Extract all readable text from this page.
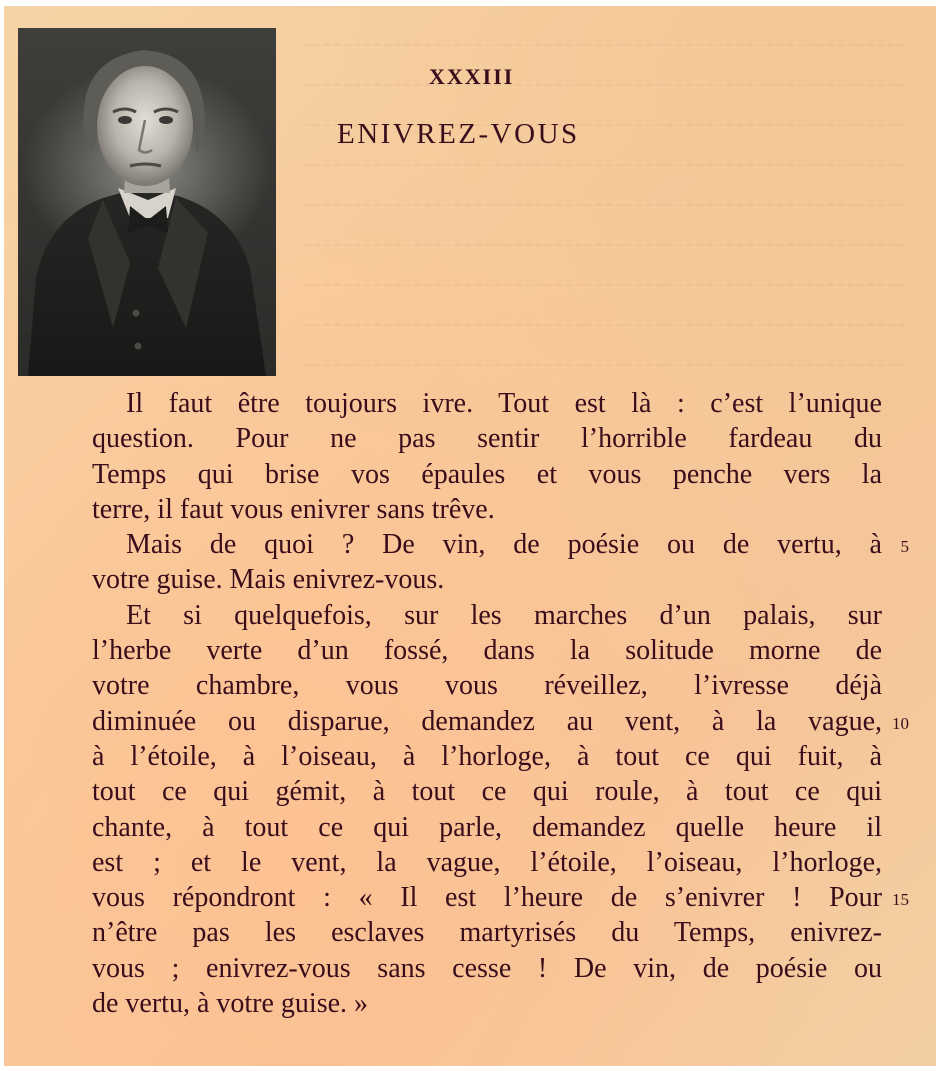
XXXIII
ENIVREZ-VOUS
Il faut être toujours ivre. Tout est là : c’est l’unique
question. Pour ne pas sentir l’horrible fardeau du
Temps qui brise vos épaules et vous penche vers la
terre, il faut vous enivrer sans trêve.
Mais de quoi ? De vin, de poésie ou de vertu, à 5
votre guise. Mais enivrez-vous.
Et si quelquefois, sur les marches d’un palais, sur
l’herbe verte d’un fossé, dans la solitude morne de
votre chambre, vous vous réveillez, l’ivresse déjà
diminuée ou disparue, demandez au vent, à la vague, 10
à l’étoile, à l’oiseau, à l’horloge, à tout ce qui fuit, à
tout ce qui gémit, à tout ce qui roule, à tout ce qui
chante, à tout ce qui parle, demandez quelle heure il
est ; et le vent, la vague, l’étoile, l’oiseau, l’horloge,
vous répondront : « Il est l’heure de s’enivrer ! Pour 15
n’être pas les esclaves martyrisés du Temps, enivrez-
vous ; enivrez-vous sans cesse ! De vin, de poésie ou
de vertu, à votre guise. »
